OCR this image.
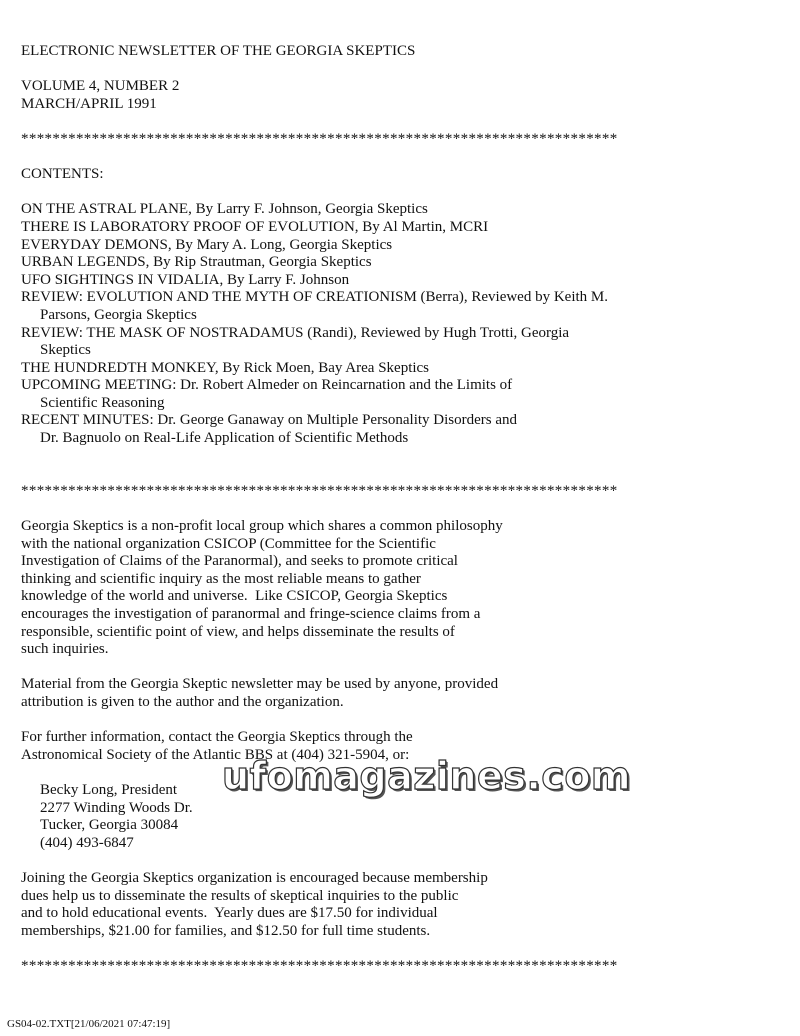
ELECTRONIC NEWSLETTER OF THE GEORGIA SKEPTICS
VOLUME 4, NUMBER 2
MARCH/APRIL 1991
****************************************************************************
CONTENTS:
ON THE ASTRAL PLANE, By Larry F. Johnson, Georgia Skeptics
THERE IS LABORATORY PROOF OF EVOLUTION, By Al Martin, MCRI
EVERYDAY DEMONS, By Mary A. Long, Georgia Skeptics
URBAN LEGENDS, By Rip Strautman, Georgia Skeptics
UFO SIGHTINGS IN VIDALIA, By Larry F. Johnson
REVIEW: EVOLUTION AND THE MYTH OF CREATIONISM (Berra), Reviewed by Keith M.
Parsons, Georgia Skeptics
REVIEW: THE MASK OF NOSTRADAMUS (Randi), Reviewed by Hugh Trotti, Georgia
Skeptics
THE HUNDREDTH MONKEY, By Rick Moen, Bay Area Skeptics
UPCOMING MEETING: Dr. Robert Almeder on Reincarnation and the Limits of
Scientific Reasoning
RECENT MINUTES: Dr. George Ganaway on Multiple Personality Disorders and
Dr. Bagnuolo on Real-Life Application of Scientific Methods
****************************************************************************
Georgia Skeptics is a non-profit local group which shares a common philosophy
with the national organization CSICOP (Committee for the Scientific
Investigation of Claims of the Paranormal), and seeks to promote critical
thinking and scientific inquiry as the most reliable means to gather
knowledge of the world and universe.  Like CSICOP, Georgia Skeptics
encourages the investigation of paranormal and fringe-science claims from a
responsible, scientific point of view, and helps disseminate the results of
such inquiries.
Material from the Georgia Skeptic newsletter may be used by anyone, provided
attribution is given to the author and the organization.
For further information, contact the Georgia Skeptics through the
Astronomical Society of the Atlantic BBS at (404) 321-5904, or:
Becky Long, President
2277 Winding Woods Dr.
Tucker, Georgia 30084
(404) 493-6847
Joining the Georgia Skeptics organization is encouraged because membership
dues help us to disseminate the results of skeptical inquiries to the public
and to hold educational events.  Yearly dues are $17.50 for individual
memberships, $21.00 for families, and $12.50 for full time students.
****************************************************************************
ufomagazines.com
GS04-02.TXT[21/06/2021 07:47:19]
